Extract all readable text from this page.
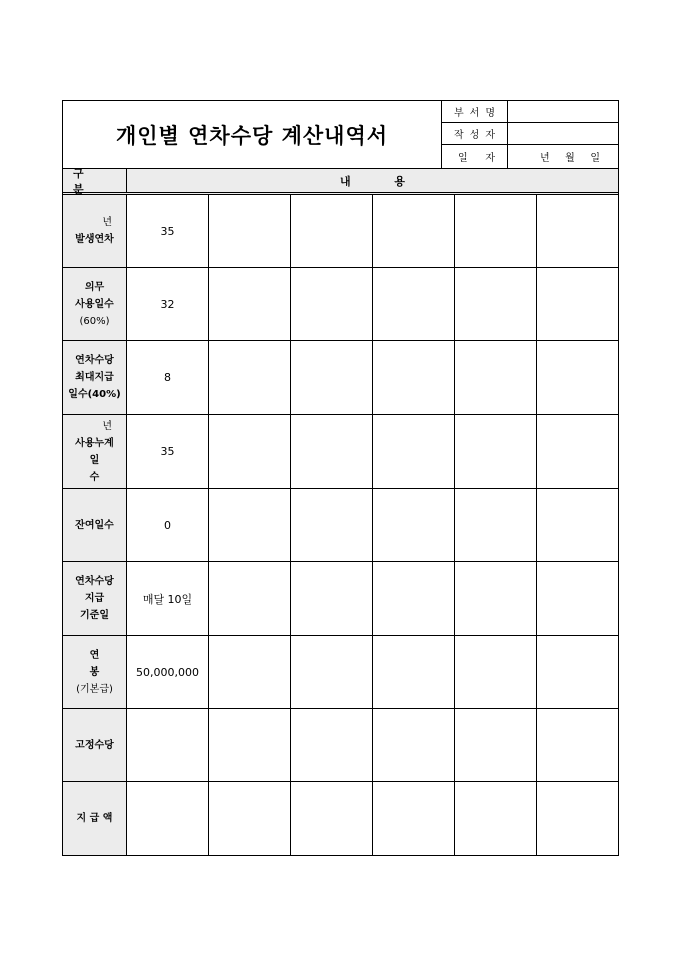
개인별 연차수당 계산내역서
부서명
작성자
일 자	년 월 일
구 분
내 용
년
발생연차
35
의무
사용일수
(60%)
32
연차수당
최대지급
일수(40%)
8
년
사용누계
일 수
35
잔여일수	0
연차수당
지급
기준일
매달 10일
연 봉
(기본급)
50,000,000
고정수당
지 급 액
